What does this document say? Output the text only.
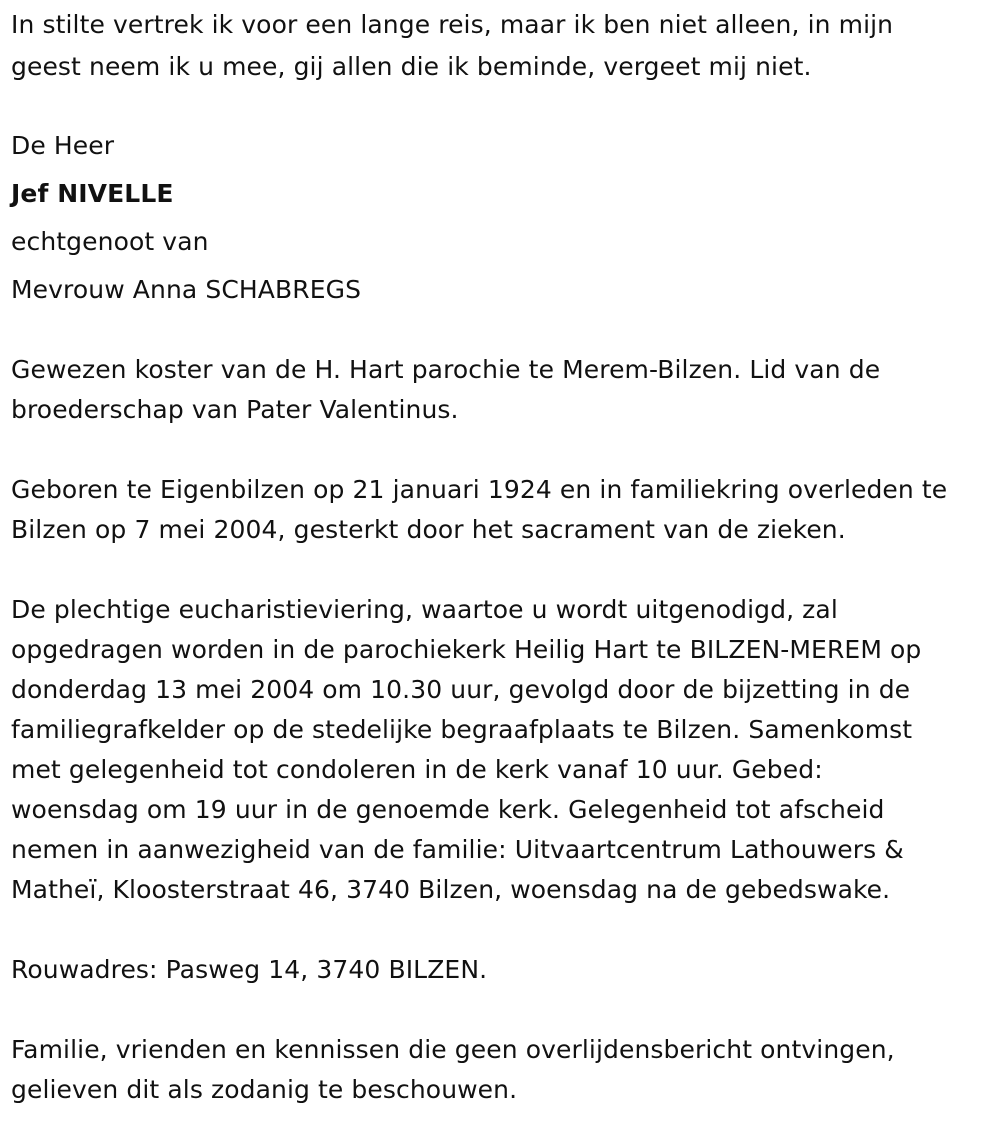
In stilte vertrek ik voor een lange reis, maar ik ben niet alleen, in mijn
geest neem ik u mee, gij allen die ik beminde, vergeet mij niet.
De Heer
Jef NIVELLE
echtgenoot van
Mevrouw Anna SCHABREGS
Gewezen koster van de H. Hart parochie te Merem-Bilzen. Lid van de
broederschap van Pater Valentinus.
Geboren te Eigenbilzen op 21 januari 1924 en in familiekring overleden te
Bilzen op 7 mei 2004, gesterkt door het sacrament van de zieken.
De plechtige eucharistieviering, waartoe u wordt uitgenodigd, zal
opgedragen worden in de parochiekerk Heilig Hart te BILZEN-MEREM op
donderdag 13 mei 2004 om 10.30 uur, gevolgd door de bijzetting in de
familiegrafkelder op de stedelijke begraafplaats te Bilzen. Samenkomst
met gelegenheid tot condoleren in de kerk vanaf 10 uur. Gebed:
woensdag om 19 uur in de genoemde kerk. Gelegenheid tot afscheid
nemen in aanwezigheid van de familie: Uitvaartcentrum Lathouwers &
Matheï, Kloosterstraat 46, 3740 Bilzen, woensdag na de gebedswake.
Rouwadres: Pasweg 14, 3740 BILZEN.
Familie, vrienden en kennissen die geen overlijdensbericht ontvingen,
gelieven dit als zodanig te beschouwen.
